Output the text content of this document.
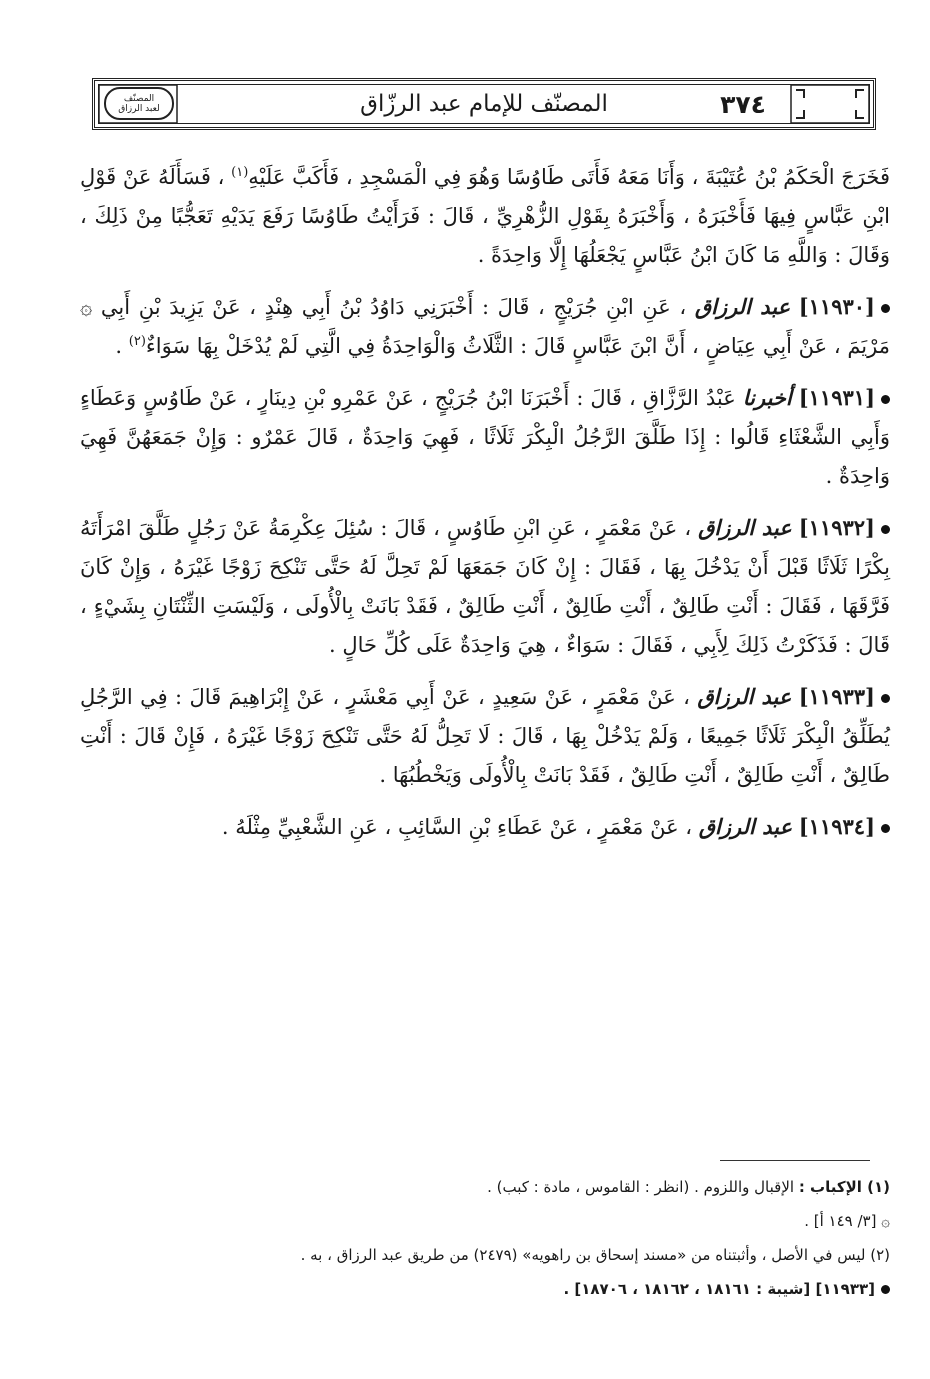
المصنّف
لعبد الرزاق	٣٧٤
المصنّف للإمام عبد الرزّاق

فَخَرَجَ الْحَكَمُ بْنُ عُتَيْبَةَ ، وَأَنَا مَعَهُ فَأَتَى طَاوُسًا وَهُوَ فِي الْمَسْجِدِ ، فَأَكَبَّ عَلَيْهِ$^{(١)}$ ، فَسَأَلَهُ عَنْ قَوْلِ ابْنِ عَبَّاسٍ فِيهَا فَأَخْبَرَهُ ، وَأَخْبَرَهُ بِقَوْلِ الزُّهْرِيِّ ، قَالَ : فَرَأَيْتُ طَاوُسًا رَفَعَ يَدَيْهِ تَعَجُّبًا مِنْ ذَلِكَ ، وَقَالَ : وَاللَّهِ مَا كَانَ ابْنُ عَبَّاسٍ يَجْعَلُهَا إِلَّا وَاحِدَةً .

[١١٩٣٠] عبد الرزاق ، عَنِ ابْنِ جُرَيْجٍ ، قَالَ : أَخْبَرَنِي دَاوُدُ بْنُ أَبِي هِنْدٍ ، عَنْ يَزِيدَ بْنِ أَبِي ۞ مَرْيَمَ ، عَنْ أَبِي عِيَاضٍ ، أَنَّ ابْنَ عَبَّاسٍ قَالَ : الثَّلَاثُ وَالْوَاحِدَةُ فِي الَّتِي لَمْ يُدْخَلْ بِهَا سَوَاءٌ$^{(٢)}$ .

[١١٩٣١] أخبرنا عَبْدُ الرَّزَّاقِ ، قَالَ : أَخْبَرَنَا ابْنُ جُرَيْجٍ ، عَنْ عَمْرِو بْنِ دِينَارٍ ، عَنْ طَاوُسٍ وَعَطَاءٍ وَأَبِي الشَّعْثَاءِ قَالُوا : إِذَا طَلَّقَ الرَّجُلُ الْبِكْرَ ثَلَاثًا ، فَهِيَ وَاحِدَةٌ ، قَالَ عَمْرٌو : وَإِنْ جَمَعَهُنَّ فَهِيَ وَاحِدَةٌ .

[١١٩٣٢] عبد الرزاق ، عَنْ مَعْمَرٍ ، عَنِ ابْنِ طَاوُسٍ ، قَالَ : سُئِلَ عِكْرِمَةُ عَنْ رَجُلٍ طَلَّقَ امْرَأَتَهُ بِكْرًا ثَلَاثًا قَبْلَ أَنْ يَدْخُلَ بِهَا ، فَقَالَ : إِنْ كَانَ جَمَعَهَا لَمْ تَحِلَّ لَهُ حَتَّى تَنْكِحَ زَوْجًا غَيْرَهُ ، وَإِنْ كَانَ فَرَّقَهَا ، فَقَالَ : أَنْتِ طَالِقٌ ، أَنْتِ طَالِقٌ ، أَنْتِ طَالِقٌ ، فَقَدْ بَانَتْ بِالْأُولَى ، وَلَيْسَتِ الثِّنْتَانِ بِشَيْءٍ ، قَالَ : فَذَكَرْتُ ذَلِكَ لِأَبِي ، فَقَالَ : سَوَاءٌ ، هِيَ وَاحِدَةٌ عَلَى كُلِّ حَالٍ .

[١١٩٣٣] عبد الرزاق ، عَنْ مَعْمَرٍ ، عَنْ سَعِيدٍ ، عَنْ أَبِي مَعْشَرٍ ، عَنْ إِبْرَاهِيمَ قَالَ : فِي الرَّجُلِ يُطَلِّقُ الْبِكْرَ ثَلَاثًا جَمِيعًا ، وَلَمْ يَدْخُلْ بِهَا ، قَالَ : لَا تَحِلُّ لَهُ حَتَّى تَنْكِحَ زَوْجًا غَيْرَهُ ، فَإِنْ قَالَ : أَنْتِ طَالِقٌ ، أَنْتِ طَالِقٌ ، أَنْتِ طَالِقٌ ، فَقَدْ بَانَتْ بِالْأُولَى وَيَخْطُبُهَا .

[١١٩٣٤] عبد الرزاق ، عَنْ مَعْمَرٍ ، عَنْ عَطَاءِ بْنِ السَّائِبِ ، عَنِ الشَّعْبِيِّ مِثْلَهُ .

(١) الإكباب : الإقبال واللزوم . (انظر : القاموس ، مادة : كبب) .
۞ [٣/ ١٤٩ أ] .
(٢) ليس في الأصل ، وأثبتناه من «مسند إسحاق بن راهويه» (٢٤٧٩) من طريق عبد الرزاق ، به .
[١١٩٣٣] [شيبة : ١٨١٦١ ، ١٨١٦٢ ، ١٨٧٠٦] .
